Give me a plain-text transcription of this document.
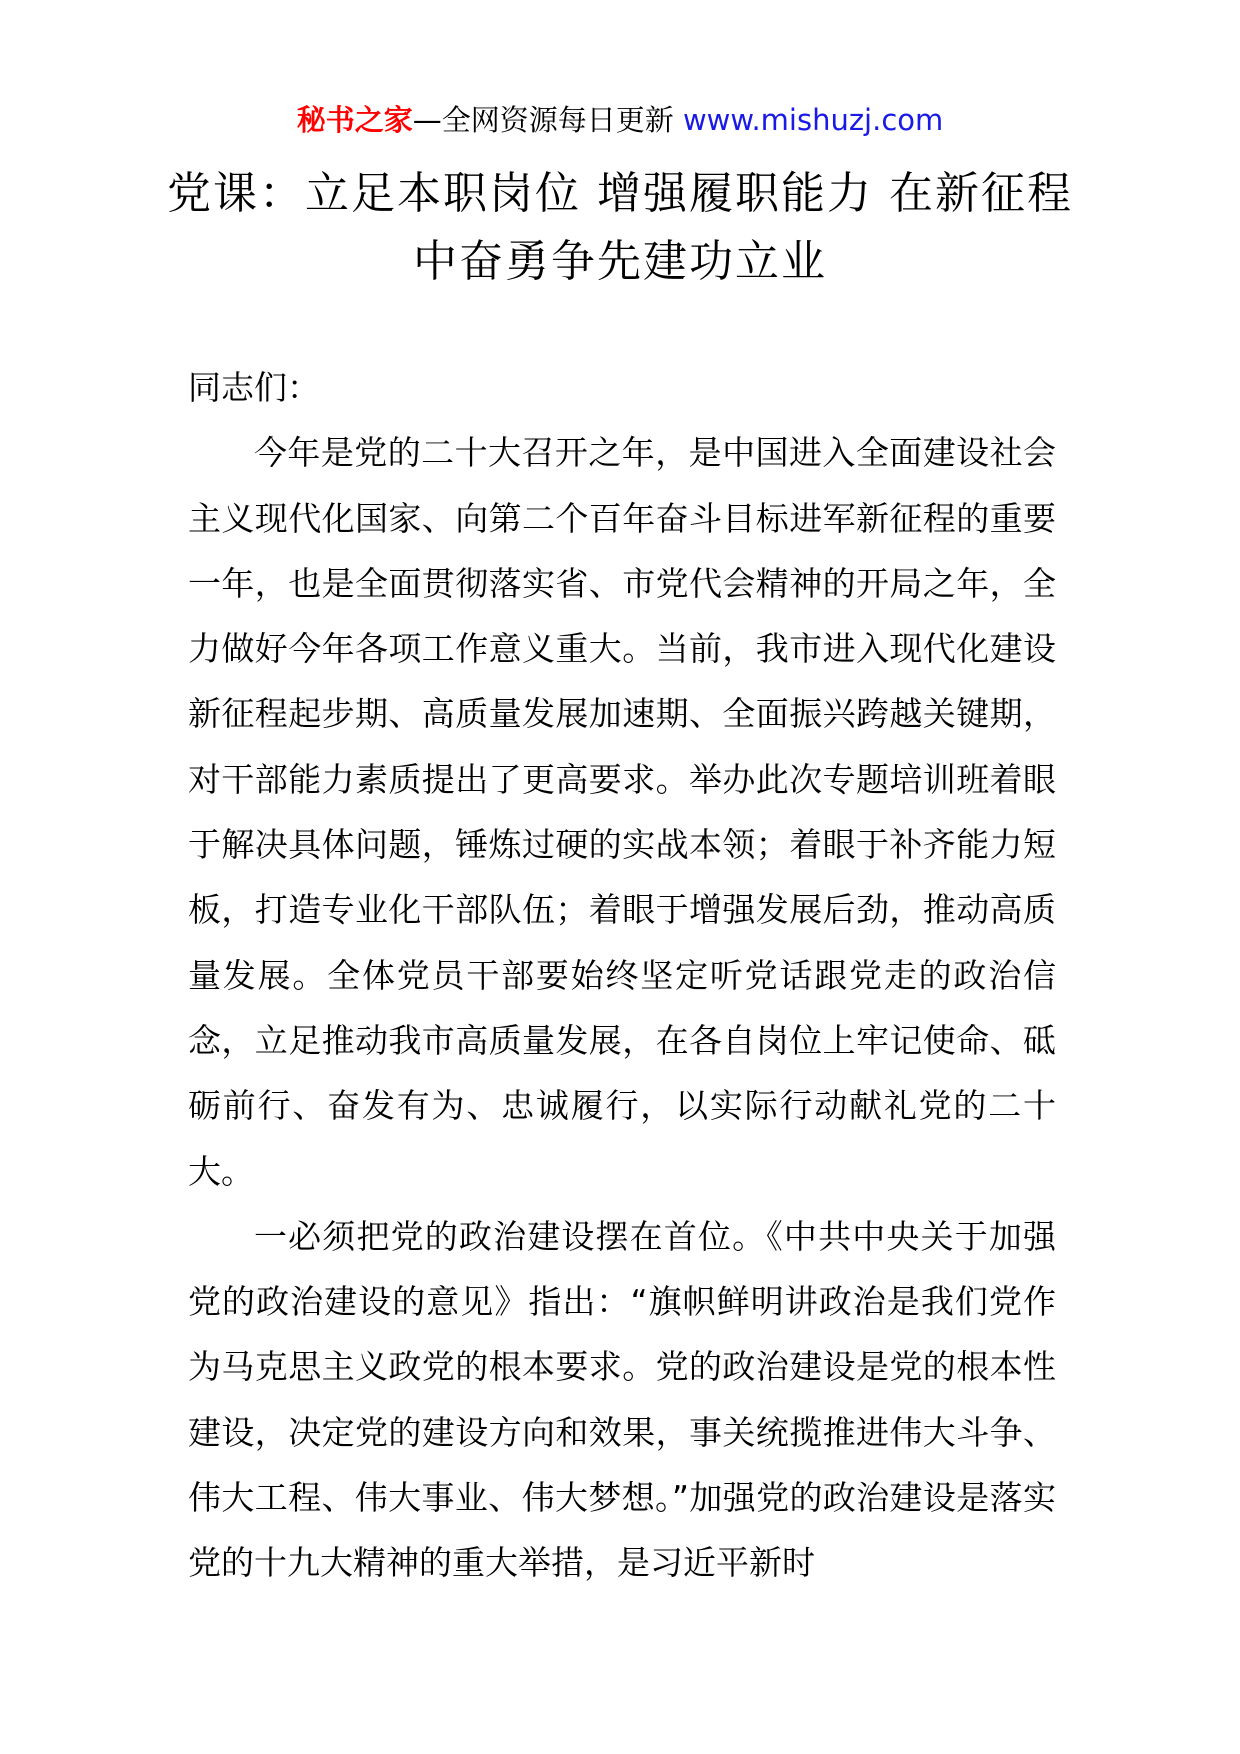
秘书之家—全网资源每日更新 www.mishuzj.com
党课：立足本职岗位 增强履职能力 在新征程中奋勇争先建功立业

同志们：

今年是党的二十大召开之年，是中国进入全面建设社会主义现代化国家、向第二个百年奋斗目标进军新征程的重要一年，也是全面贯彻落实省、市党代会精神的开局之年，全力做好今年各项工作意义重大。当前，我市进入现代化建设新征程起步期、高质量发展加速期、全面振兴跨越关键期，对干部能力素质提出了更高要求。举办此次专题培训班着眼于解决具体问题，锤炼过硬的实战本领；着眼于补齐能力短板，打造专业化干部队伍；着眼于增强发展后劲，推动高质量发展。全体党员干部要始终坚定听党话跟党走的政治信念，立足推动我市高质量发展，在各自岗位上牢记使命、砥砺前行、奋发有为、忠诚履行，以实际行动献礼党的二十大。

一必须把党的政治建设摆在首位。《中共中央关于加强党的政治建设的意见》指出：“旗帜鲜明讲政治是我们党作为马克思主义政党的根本要求。党的政治建设是党的根本性建设，决定党的建设方向和效果，事关统揽推进伟大斗争、伟大工程、伟大事业、伟大梦想。”加强党的政治建设是落实党的十九大精神的重大举措，是习近平新时
